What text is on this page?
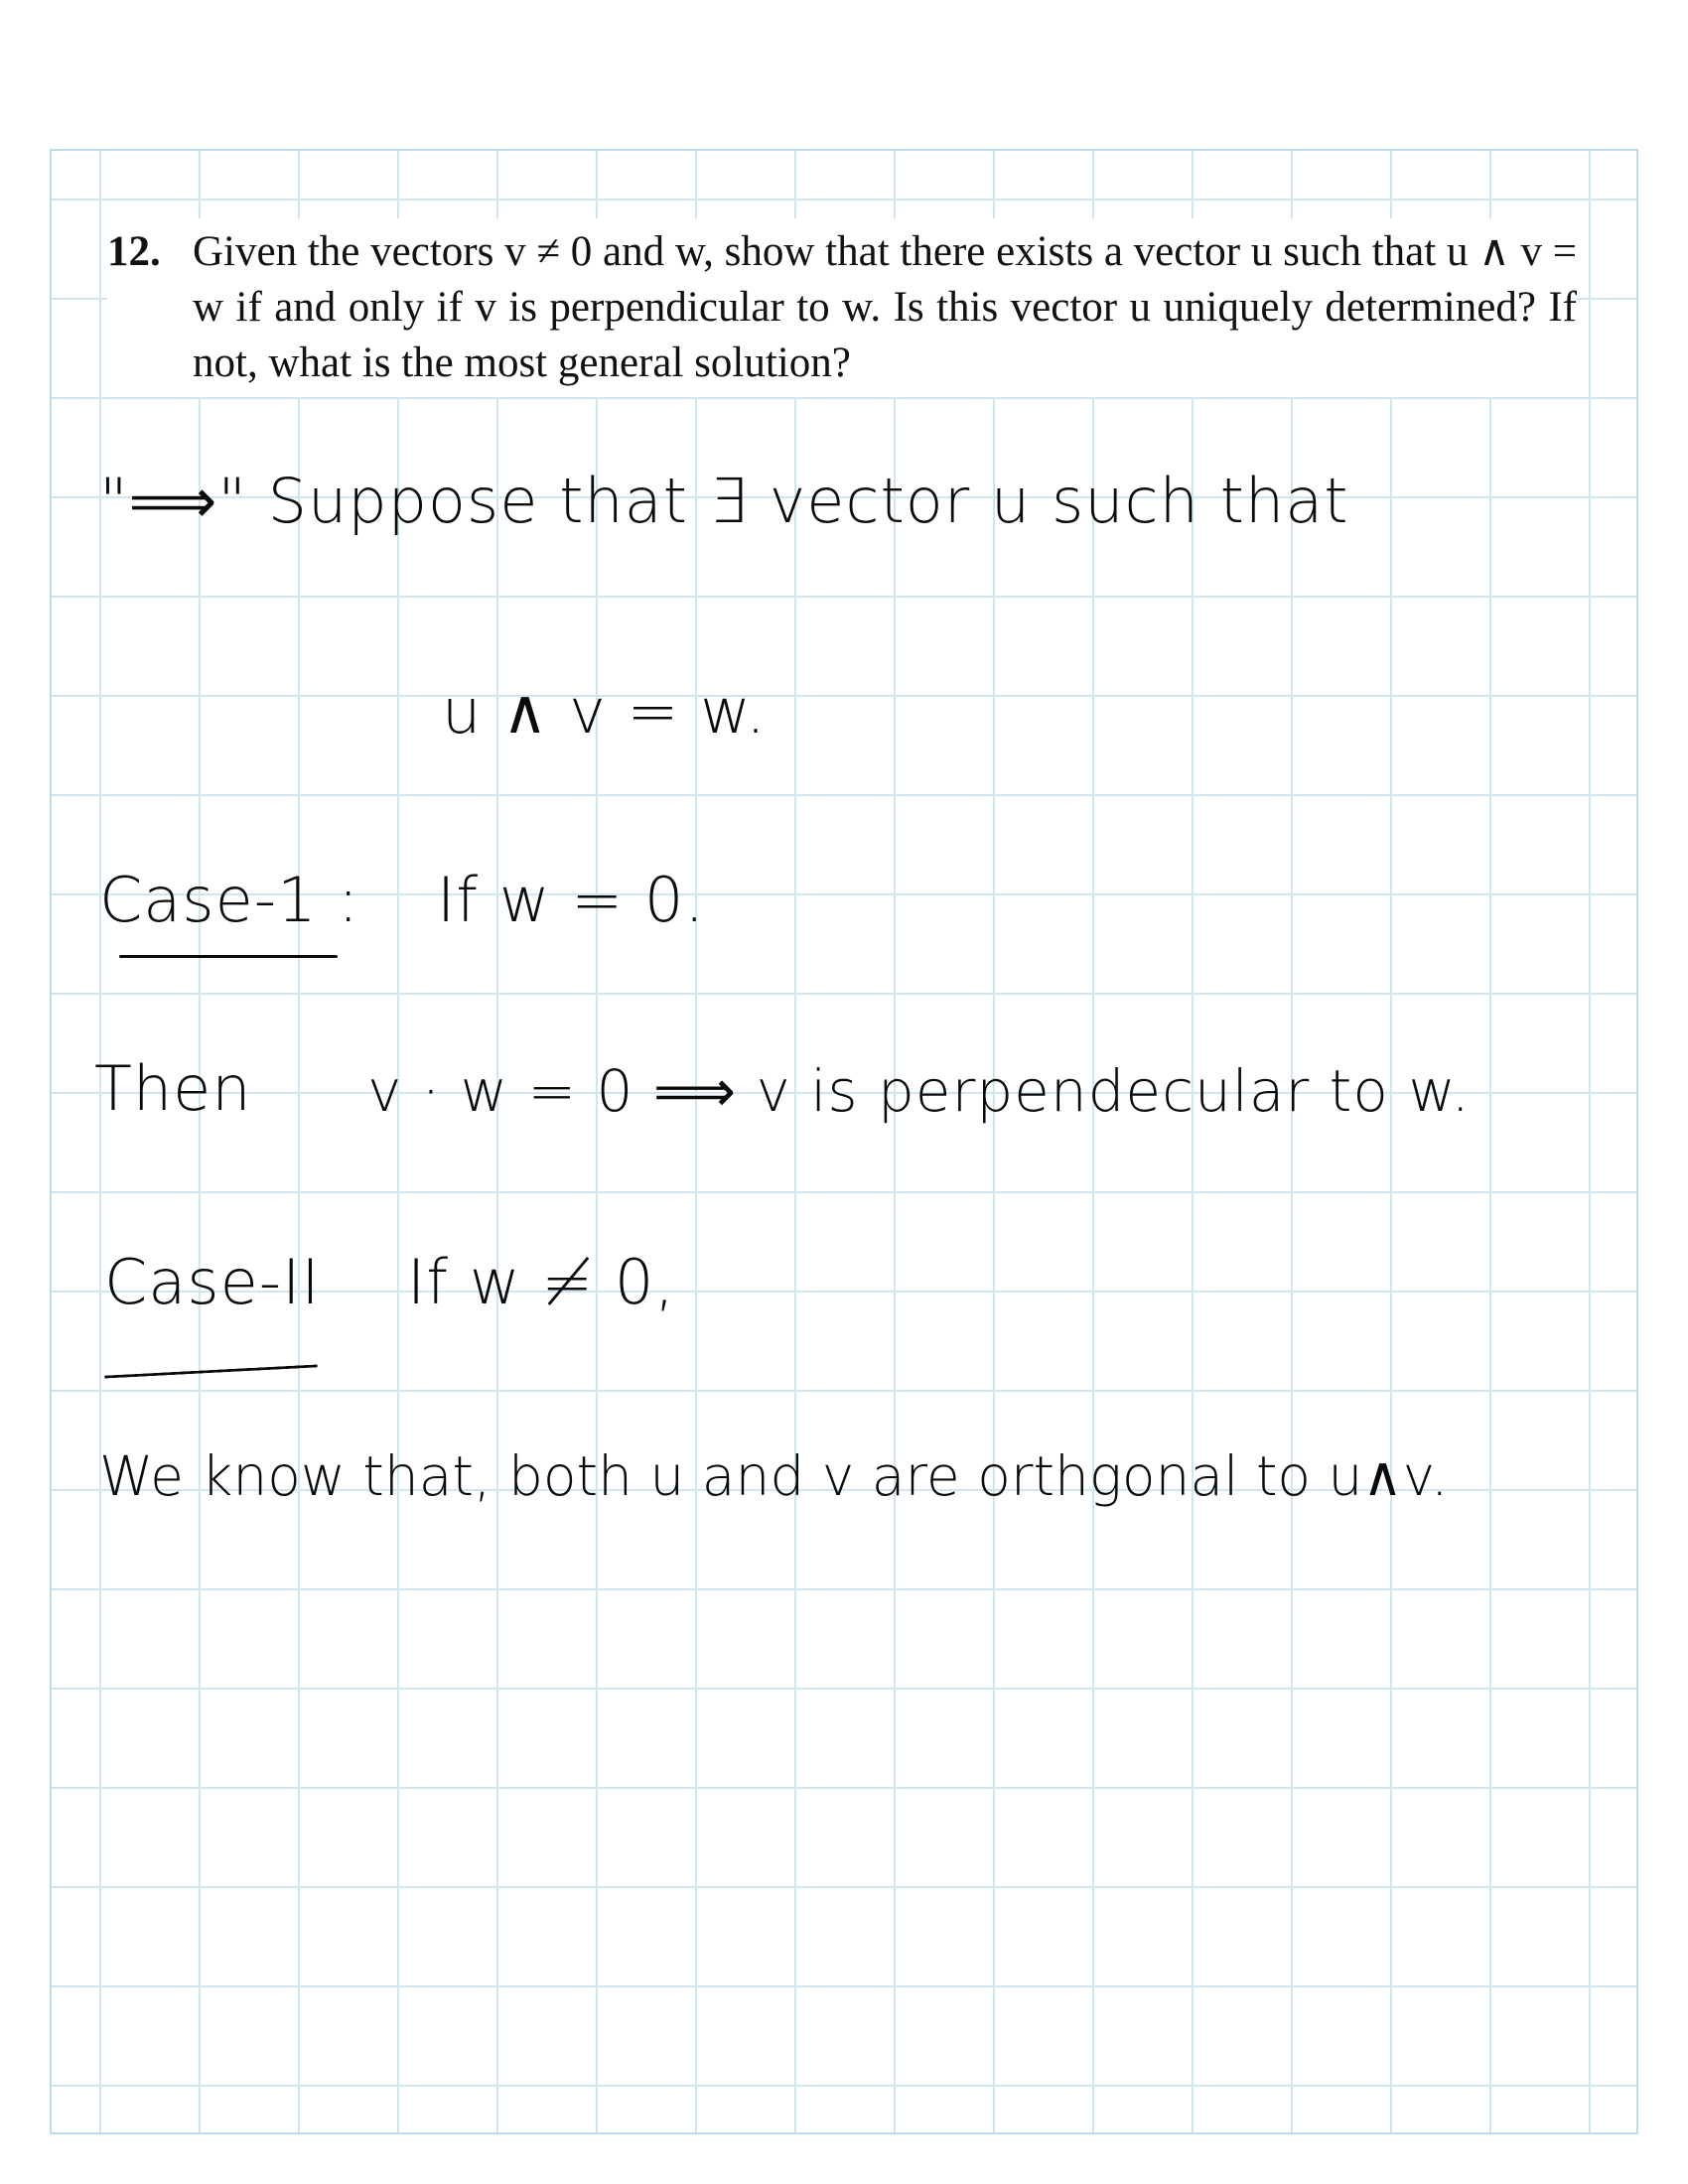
12. Given the vectors v ≠ 0 and w, show that there exists a vector u such that u ∧ v = w if and only if v is perpendicular to w. Is this vector u uniquely determined? If not, what is the most general solution?
"⟹" Suppose that ∃ vector u such that
u ∧ v = w.
Case-1 : If w = 0.
Then v · w = 0 ⟹ v is perpendecular to w.
Case-II If w ≠ 0,
We know that, both u and v are orthgonal to u∧v.
